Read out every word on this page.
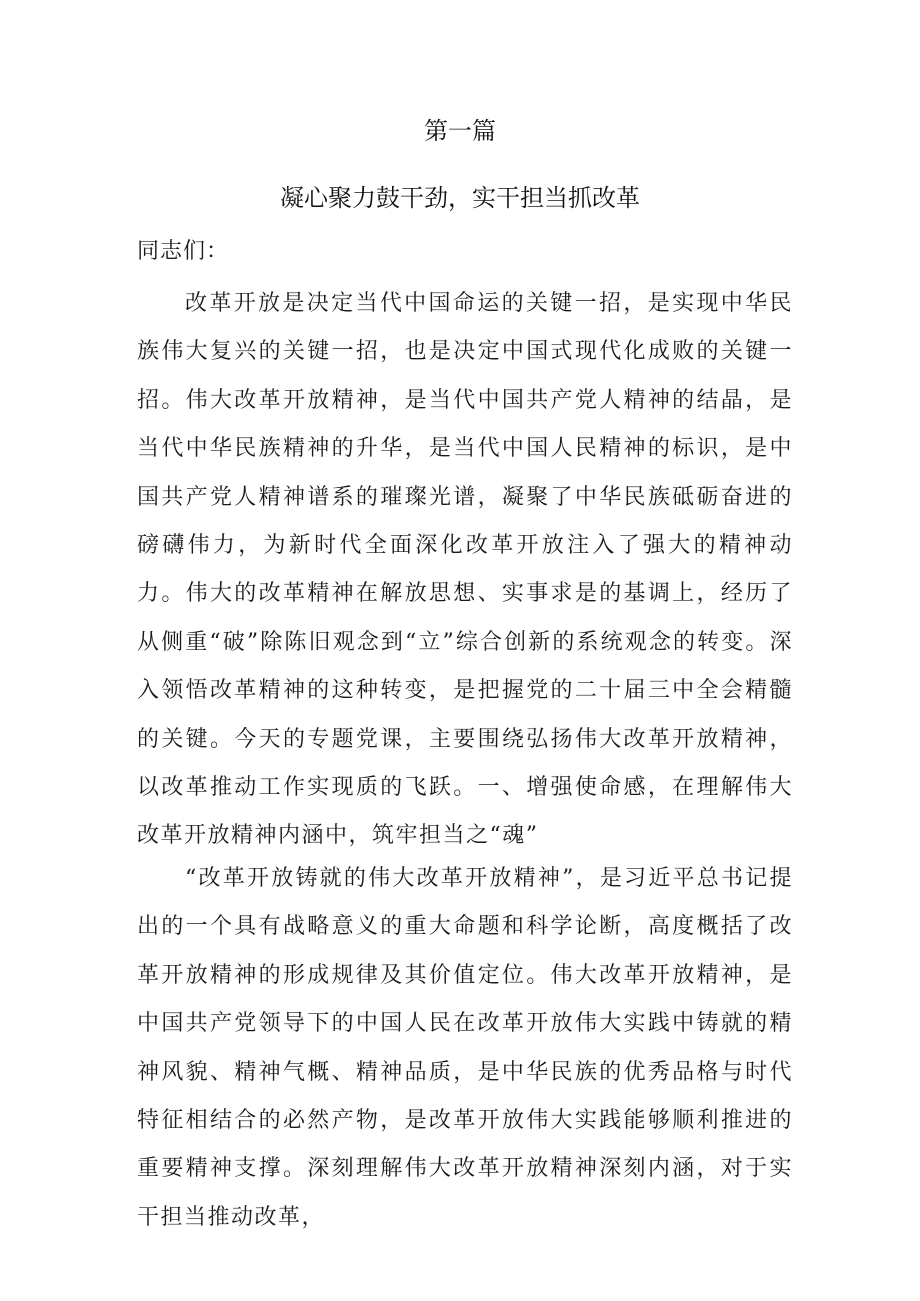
第一篇
凝心聚力鼓干劲，实干担当抓改革
同志们：

改革开放是决定当代中国命运的关键一招，是实现中华民族伟大复兴的关键一招，也是决定中国式现代化成败的关键一招。伟大改革开放精神，是当代中国共产党人精神的结晶，是当代中华民族精神的升华，是当代中国人民精神的标识，是中国共产党人精神谱系的璀璨光谱，凝聚了中华民族砥砺奋进的磅礴伟力，为新时代全面深化改革开放注入了强大的精神动力。伟大的改革精神在解放思想、实事求是的基调上，经历了从侧重“破”除陈旧观念到“立”综合创新的系统观念的转变。深入领悟改革精神的这种转变，是把握党的二十届三中全会精髓的关键。今天的专题党课，主要围绕弘扬伟大改革开放精神，以改革推动工作实现质的飞跃。一、增强使命感，在理解伟大改革开放精神内涵中，筑牢担当之“魂”

“改革开放铸就的伟大改革开放精神”，是习近平总书记提出的一个具有战略意义的重大命题和科学论断，高度概括了改革开放精神的形成规律及其价值定位。伟大改革开放精神，是中国共产党领导下的中国人民在改革开放伟大实践中铸就的精神风貌、精神气概、精神品质，是中华民族的优秀品格与时代特征相结合的必然产物，是改革开放伟大实践能够顺利推进的重要精神支撑。深刻理解伟大改革开放精神深刻内涵，对于实干担当推动改革，
